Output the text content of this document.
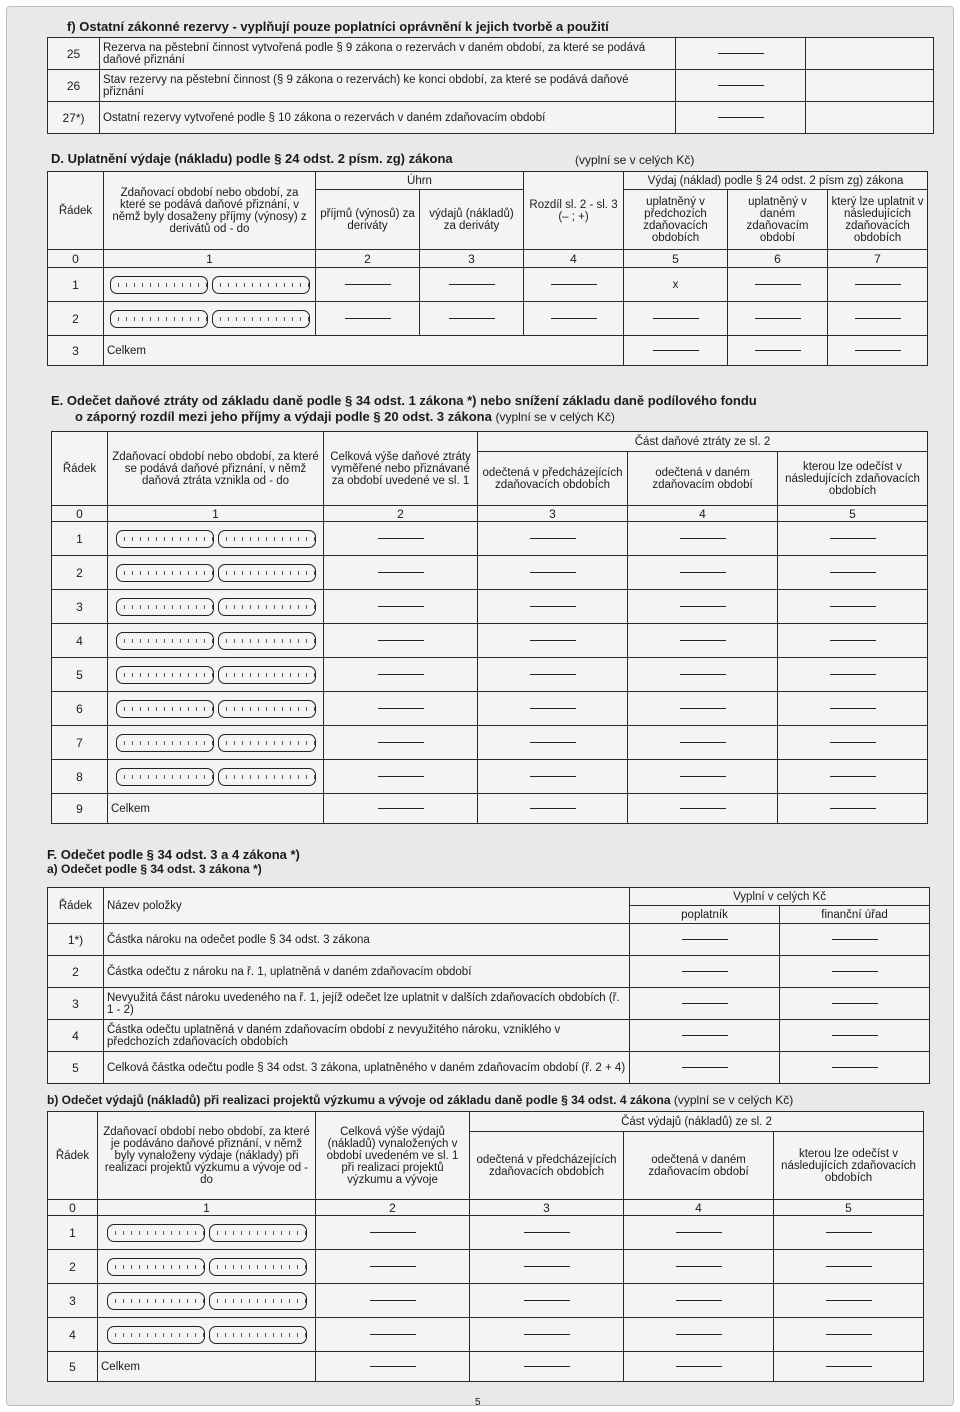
f) Ostatní zákonné rezervy - vyplňují pouze poplatníci oprávnění k jejich tvorbě a použití
25	Rezerva na pěstební činnost vytvořená podle § 9 zákona o rezervách v daném období, za které se podává daňové přiznání		
26	Stav rezervy na pěstební činnost (§ 9 zákona o rezervách) ke konci období, za které se podává daňové přiznání		
27*)	Ostatní rezervy vytvořené podle § 10 zákona o rezervách v daném zdaňovacím období		
D. Uplatnění výdaje (nákladu) podle § 24 odst. 2 písm. zg) zákona	(vyplní se v celých Kč)
Řádek	Zdaňovací období nebo období, za které se podává daňové přiznání, v němž byly dosaženy příjmy (výnosy) z derivátů od - do	Úhrn		Rozdíl sl. 2 - sl. 3 (– ; +)	Výdaj (náklad) podle § 24 odst. 2 písm zg) zákona		
		příjmů (výnosů) za deriváty	výdajů (nákladů) za deriváty		uplatněný v předchozích zdaňovacích obdobích	uplatněný v daném zdaňovacím období	který lze uplatnit v následujících zdaňovacích obdobích
0	1	2	3	4	5	6	7
1					x		
2							
3	Celkem						
E. Odečet daňové ztráty od základu daně podle § 34 odst. 1 zákona *) nebo snížení základu daně podílového fondu
o záporný rozdíl mezi jeho příjmy a výdaji podle § 20 odst. 3 zákona (vyplní se v celých Kč)
Řádek	Zdaňovací období nebo období, za které se podává daňové přiznání, v němž daňová ztráta vznikla od - do	Celková výše daňové ztráty vyměřené nebo přiznávané za období uvedené ve sl. 1	Část daňové ztráty ze sl. 2		
			odečtená v předcházejících zdaňovacích obdobích	odečtená v daném zdaňovacím období	kterou lze odečíst v následujících zdaňovacích obdobích
0	1	2	3	4	5
1					
2					
3					
4					
5					
6					
7					
8					
9	Celkem				
F. Odečet podle § 34 odst. 3 a 4 zákona *)
a) Odečet podle § 34 odst. 3 zákona *)
Řádek	Název položky	Vyplní v celých Kč	
		poplatník	finanční úřad
1*)	Částka nároku na odečet podle § 34 odst. 3 zákona		
2	Částka odečtu z nároku na ř. 1, uplatněná v daném zdaňovacím období		
3	Nevyužitá část nároku uvedeného na ř. 1, jejíž odečet lze uplatnit v dalších zdaňovacích obdobích (ř. 1 - 2)		
4	Částka odečtu uplatněná v daném zdaňovacím období z nevyužitého nároku, vzniklého v předchozích zdaňovacích obdobích		
5	Celková částka odečtu podle § 34 odst. 3 zákona, uplatněného v daném zdaňovacím období (ř. 2 + 4)		
b) Odečet výdajů (nákladů) při realizaci projektů výzkumu a vývoje od základu daně podle § 34 odst. 4 zákona (vyplní se v celých Kč)
Řádek	Zdaňovací období nebo období, za které je podáváno daňové přiznání, v němž byly vynaloženy výdaje (náklady) při realizaci projektů výzkumu a vývoje od - do	Celková výše výdajů (nákladů) vynaložených v období uvedeném ve sl. 1 při realizaci projektů výzkumu a vývoje	Část výdajů (nákladů) ze sl. 2		
			odečtená v předcházejících zdaňovacích obdobích	odečtená v daném zdaňovacím období	kterou lze odečíst v následujících zdaňovacích obdobích
0	1	2	3	4	5
1					
2					
3					
4					
5	Celkem				
5
